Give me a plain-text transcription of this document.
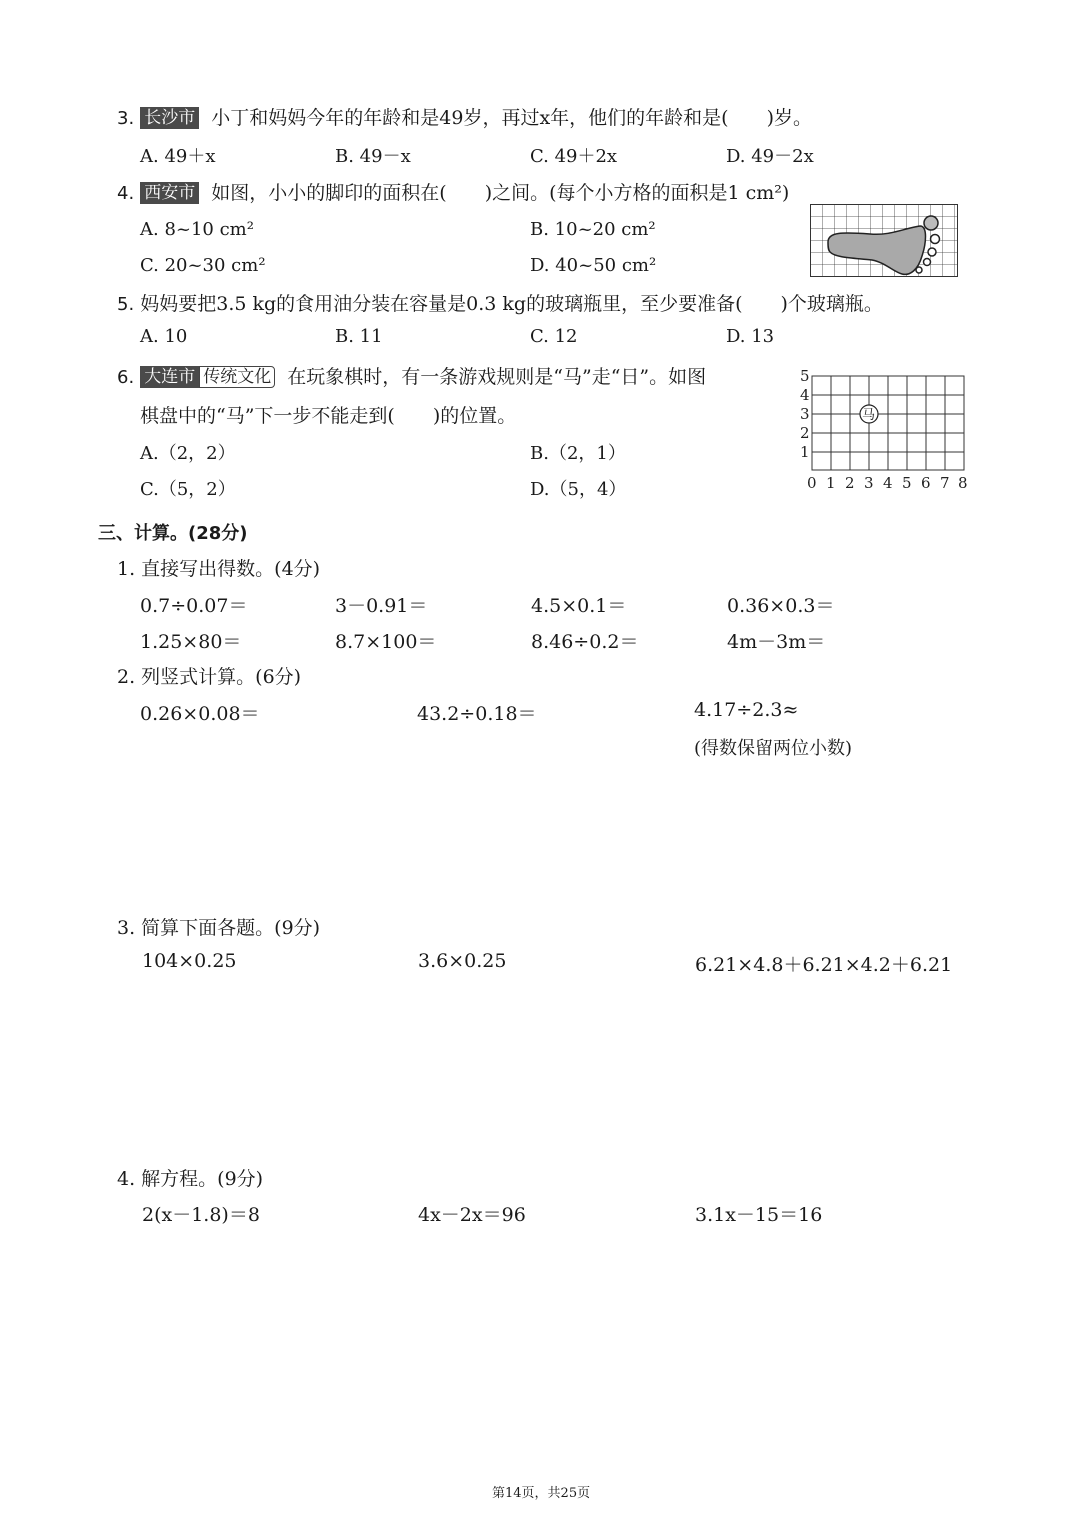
3. 长沙市 小丁和妈妈今年的年龄和是49岁，再过x年，他们的年龄和是(　　)岁。
A. 49＋x	B. 49－x	C. 49＋2x	D. 49－2x
4. 西安市 如图，小小的脚印的面积在(　　)之间。(每个小方格的面积是1 cm²)
A. 8~10 cm²	B. 10~20 cm²
C. 20~30 cm²	D. 40~50 cm²
5. 妈妈要把3.5 kg的食用油分装在容量是0.3 kg的玻璃瓶里，至少要准备(　　)个玻璃瓶。
A. 10	B. 11	C. 12	D. 13
6. 大连市 传统文化 在玩象棋时，有一条游戏规则是“马”走“日”。如图
棋盘中的“马”下一步不能走到(　　)的位置。
A.（2，2）	B.（2，1）
C.（5，2）	D.（5，4）
5
4
3
2
1
0 1 2 3 4 5 6 7 8
马
三、计算。(28分)
1. 直接写出得数。(4分)
0.7÷0.07＝	3－0.91＝	4.5×0.1＝	0.36×0.3＝
1.25×80＝	8.7×100＝	8.46÷0.2＝	4m－3m＝
2. 列竖式计算。(6分)
0.26×0.08＝	43.2÷0.18＝	4.17÷2.3≈
(得数保留两位小数)
3. 简算下面各题。(9分)
104×0.25	3.6×0.25	6.21×4.8＋6.21×4.2＋6.21
4. 解方程。(9分)
2(x－1.8)＝8	4x－2x＝96	3.1x－15＝16
第14页，共25页
